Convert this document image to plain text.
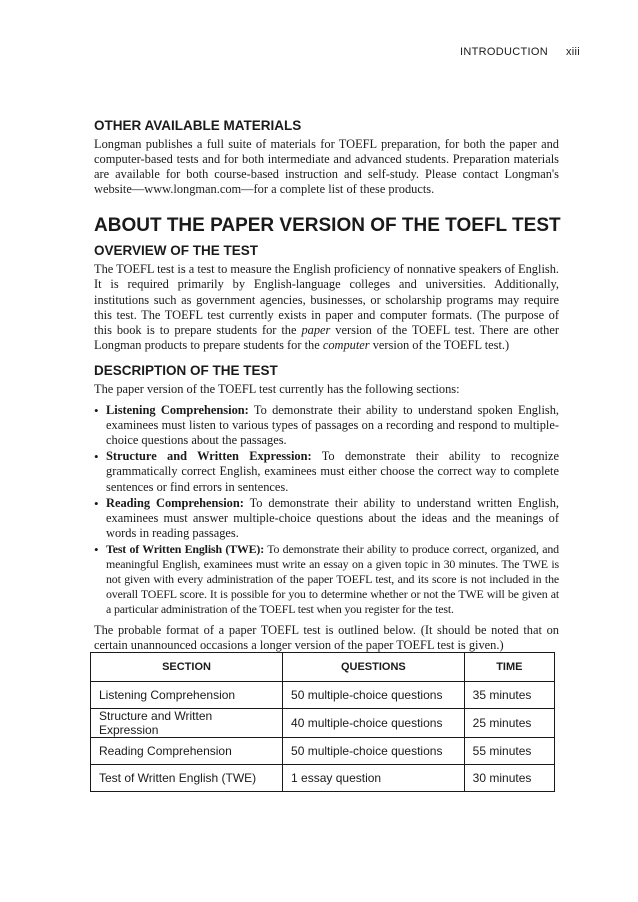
INTRODUCTION xiii
OTHER AVAILABLE MATERIALS

Longman publishes a full suite of materials for TOEFL preparation, for both the paper and computer-based tests and for both intermediate and advanced students. Preparation materials are available for both course-based instruction and self-study. Please contact Longman's website—www.longman.com—for a complete list of these products.

ABOUT THE PAPER VERSION OF THE TOEFL TEST
OVERVIEW OF THE TEST

The TOEFL test is a test to measure the English proficiency of nonnative speakers of English. It is required primarily by English-language colleges and universities. Additionally, institutions such as government agencies, businesses, or scholarship programs may require this test. The TOEFL test currently exists in paper and computer formats. (The purpose of this book is to prepare students for the paper version of the TOEFL test. There are other Longman products to prepare students for the computer version of the TOEFL test.)

DESCRIPTION OF THE TEST

The paper version of the TOEFL test currently has the following sections:

• Listening Comprehension: To demonstrate their ability to understand spoken English, examinees must listen to various types of passages on a recording and respond to multiple-choice questions about the passages.
• Structure and Written Expression: To demonstrate their ability to recognize grammatically correct English, examinees must either choose the correct way to complete sentences or find errors in sentences.
• Reading Comprehension: To demonstrate their ability to understand written English, examinees must answer multiple-choice questions about the ideas and the meanings of words in reading passages.
• Test of Written English (TWE): To demonstrate their ability to produce correct, organized, and meaningful English, examinees must write an essay on a given topic in 30 minutes. The TWE is not given with every administration of the paper TOEFL test, and its score is not included in the overall TOEFL score. It is possible for you to determine whether or not the TWE will be given at a particular administration of the TOEFL test when you register for the test.

The probable format of a paper TOEFL test is outlined below. (It should be noted that on certain unannounced occasions a longer version of the paper TOEFL test is given.)

SECTION	QUESTIONS	TIME
Listening Comprehension	50 multiple-choice questions	35 minutes
Structure and Written Expression	40 multiple-choice questions	25 minutes
Reading Comprehension	50 multiple-choice questions	55 minutes
Test of Written English (TWE)	1 essay question	30 minutes
